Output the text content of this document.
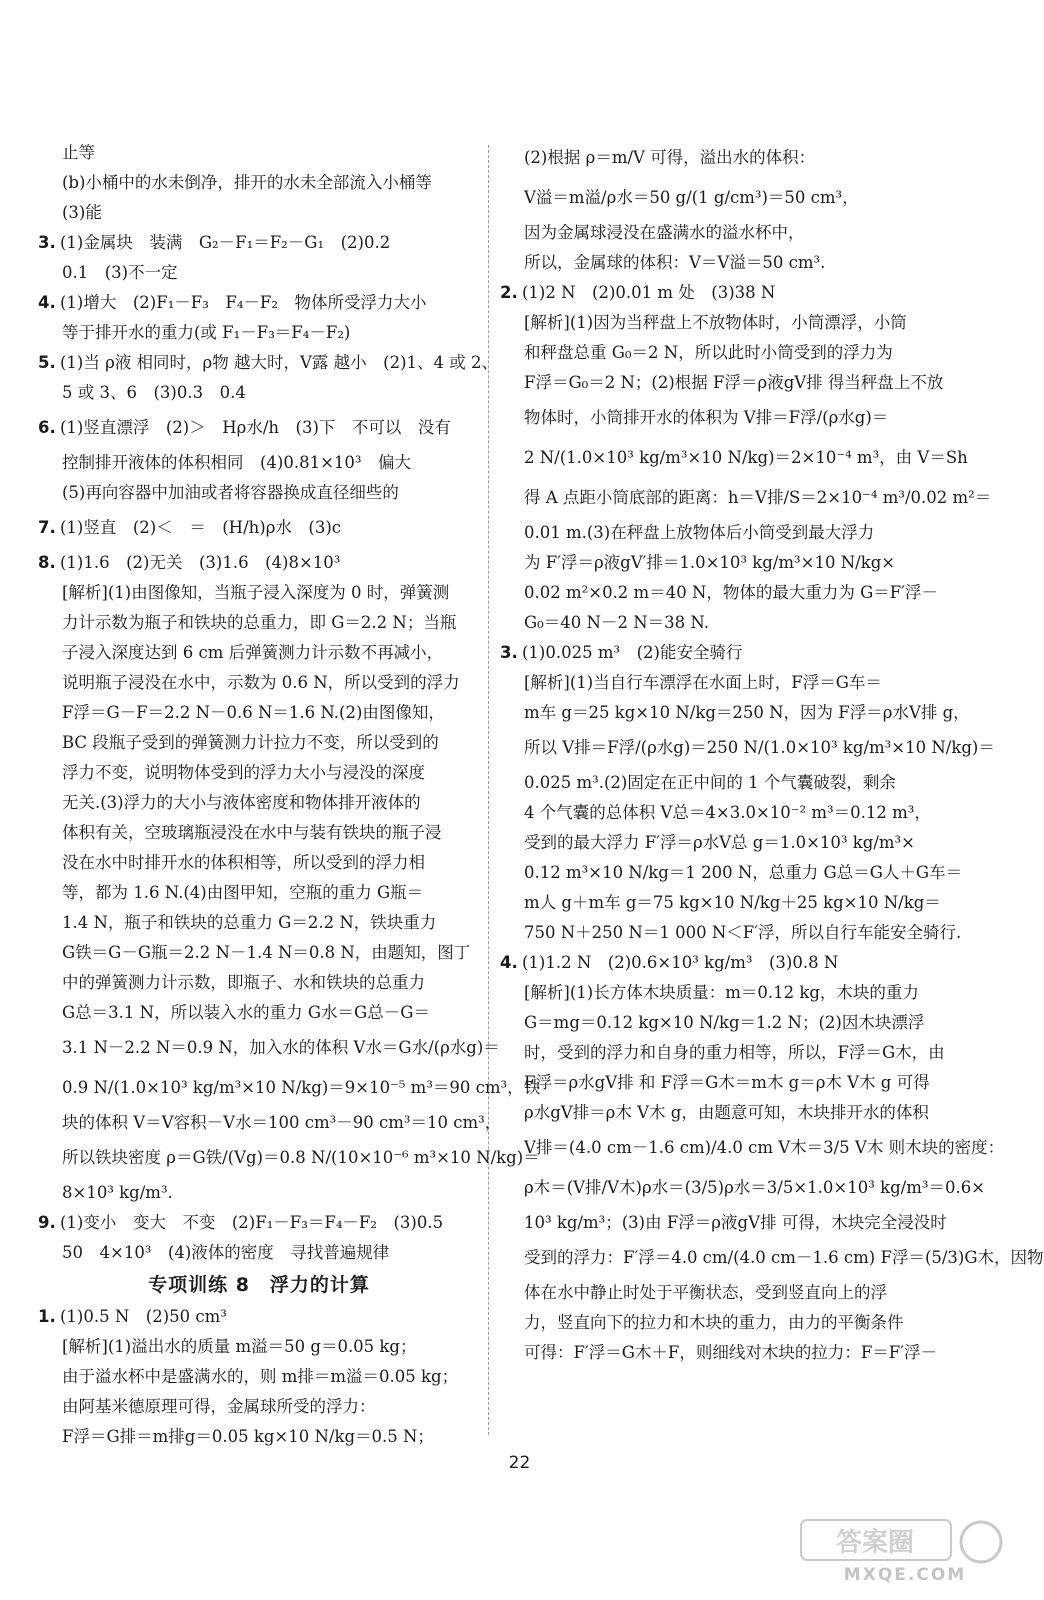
止等
(b)小桶中的水未倒净，排开的水未全部流入小桶等
(3)能
3. (1)金属块　装满　G₂－F₁＝F₂－G₁　(2)0.2
0.1　(3)不一定
4. (1)增大　(2)F₁－F₃　F₄－F₂　物体所受浮力大小
等于排开水的重力(或 F₁－F₃＝F₄－F₂)
5. (1)当 ρ液 相同时，ρ物 越大时，V露 越小　(2)1、4 或 2、
5 或 3、6　(3)0.3　0.4
6. (1)竖直漂浮　(2)＞　Hρ水/h　(3)下　不可以　没有
控制排开液体的体积相同　(4)0.81×10³　偏大
(5)再向容器中加油或者将容器换成直径细些的
7. (1)竖直　(2)＜　＝　(H/h)ρ水　(3)c
8. (1)1.6　(2)无关　(3)1.6　(4)8×10³
[解析](1)由图像知，当瓶子浸入深度为 0 时，弹簧测
力计示数为瓶子和铁块的总重力，即 G＝2.2 N；当瓶
子浸入深度达到 6 cm 后弹簧测力计示数不再减小，
说明瓶子浸没在水中，示数为 0.6 N，所以受到的浮力
F浮＝G－F＝2.2 N－0.6 N＝1.6 N.(2)由图像知，
BC 段瓶子受到的弹簧测力计拉力不变，所以受到的
浮力不变，说明物体受到的浮力大小与浸没的深度
无关.(3)浮力的大小与液体密度和物体排开液体的
体积有关，空玻璃瓶浸没在水中与装有铁块的瓶子浸
没在水中时排开水的体积相等，所以受到的浮力相
等，都为 1.6 N.(4)由图甲知，空瓶的重力 G瓶＝
1.4 N，瓶子和铁块的总重力 G＝2.2 N，铁块重力
G铁＝G－G瓶＝2.2 N－1.4 N＝0.8 N，由题知，图丁
中的弹簧测力计示数，即瓶子、水和铁块的总重力
G总＝3.1 N，所以装入水的重力 G水＝G总－G＝
3.1 N－2.2 N＝0.9 N，加入水的体积 V水＝G水/(ρ水g)＝
0.9 N/(1.0×10³ kg/m³×10 N/kg)＝9×10⁻⁵ m³＝90 cm³，铁
块的体积 V＝V容积－V水＝100 cm³－90 cm³＝10 cm³，
所以铁块密度 ρ＝G铁/(Vg)＝0.8 N/(10×10⁻⁶ m³×10 N/kg)＝
8×10³ kg/m³.
9. (1)变小　变大　不变　(2)F₁－F₃＝F₄－F₂　(3)0.5
50　4×10³　(4)液体的密度　寻找普遍规律
专项训练 8　浮力的计算
1. (1)0.5 N　(2)50 cm³
[解析](1)溢出水的质量 m溢＝50 g＝0.05 kg；
由于溢水杯中是盛满水的，则 m排＝m溢＝0.05 kg；
由阿基米德原理可得，金属球所受的浮力：
F浮＝G排＝m排g＝0.05 kg×10 N/kg＝0.5 N；
(2)根据 ρ＝m/V 可得，溢出水的体积：
V溢＝m溢/ρ水＝50 g/(1 g/cm³)＝50 cm³，
因为金属球浸没在盛满水的溢水杯中，
所以，金属球的体积：V＝V溢＝50 cm³.
2. (1)2 N　(2)0.01 m 处　(3)38 N
[解析](1)因为当秤盘上不放物体时，小筒漂浮，小筒
和秤盘总重 G₀＝2 N，所以此时小筒受到的浮力为
F浮＝G₀＝2 N；(2)根据 F浮＝ρ液gV排 得当秤盘上不放
物体时，小筒排开水的体积为 V排＝F浮/(ρ水g)＝
2 N/(1.0×10³ kg/m³×10 N/kg)＝2×10⁻⁴ m³，由 V＝Sh
得 A 点距小筒底部的距离：h＝V排/S＝2×10⁻⁴ m³/0.02 m²＝
0.01 m.(3)在秤盘上放物体后小筒受到最大浮力
为 F′浮＝ρ液gV′排＝1.0×10³ kg/m³×10 N/kg×
0.02 m²×0.2 m＝40 N，物体的最大重力为 G＝F′浮－
G₀＝40 N－2 N＝38 N.
3. (1)0.025 m³　(2)能安全骑行
[解析](1)当自行车漂浮在水面上时，F浮＝G车＝
m车 g＝25 kg×10 N/kg＝250 N，因为 F浮＝ρ水V排 g，
所以 V排＝F浮/(ρ水g)＝250 N/(1.0×10³ kg/m³×10 N/kg)＝
0.025 m³.(2)固定在正中间的 1 个气囊破裂，剩余
4 个气囊的总体积 V总＝4×3.0×10⁻² m³＝0.12 m³，
受到的最大浮力 F′浮＝ρ水V总 g＝1.0×10³ kg/m³×
0.12 m³×10 N/kg＝1 200 N，总重力 G总＝G人＋G车＝
m人 g＋m车 g＝75 kg×10 N/kg＋25 kg×10 N/kg＝
750 N＋250 N＝1 000 N＜F′浮，所以自行车能安全骑行.
4. (1)1.2 N　(2)0.6×10³ kg/m³　(3)0.8 N
[解析](1)长方体木块质量：m＝0.12 kg，木块的重力
G＝mg＝0.12 kg×10 N/kg＝1.2 N；(2)因木块漂浮
时，受到的浮力和自身的重力相等，所以，F浮＝G木，由
F浮＝ρ水gV排 和 F浮＝G木＝m木 g＝ρ木 V木 g 可得
ρ水gV排＝ρ木 V木 g，由题意可知，木块排开水的体积
V排＝(4.0 cm－1.6 cm)/4.0 cm V木＝3/5 V木 则木块的密度：
ρ木＝(V排/V木)ρ水＝(3/5)ρ水＝3/5×1.0×10³ kg/m³＝0.6×
10³ kg/m³；(3)由 F浮＝ρ液gV排 可得，木块完全浸没时
受到的浮力：F′浮＝4.0 cm/(4.0 cm－1.6 cm) F浮＝(5/3)G木，因物
体在水中静止时处于平衡状态，受到竖直向上的浮
力，竖直向下的拉力和木块的重力，由力的平衡条件
可得：F′浮＝G木＋F，则细线对木块的拉力：F＝F′浮－
22
答案圈
MXQE.COM
